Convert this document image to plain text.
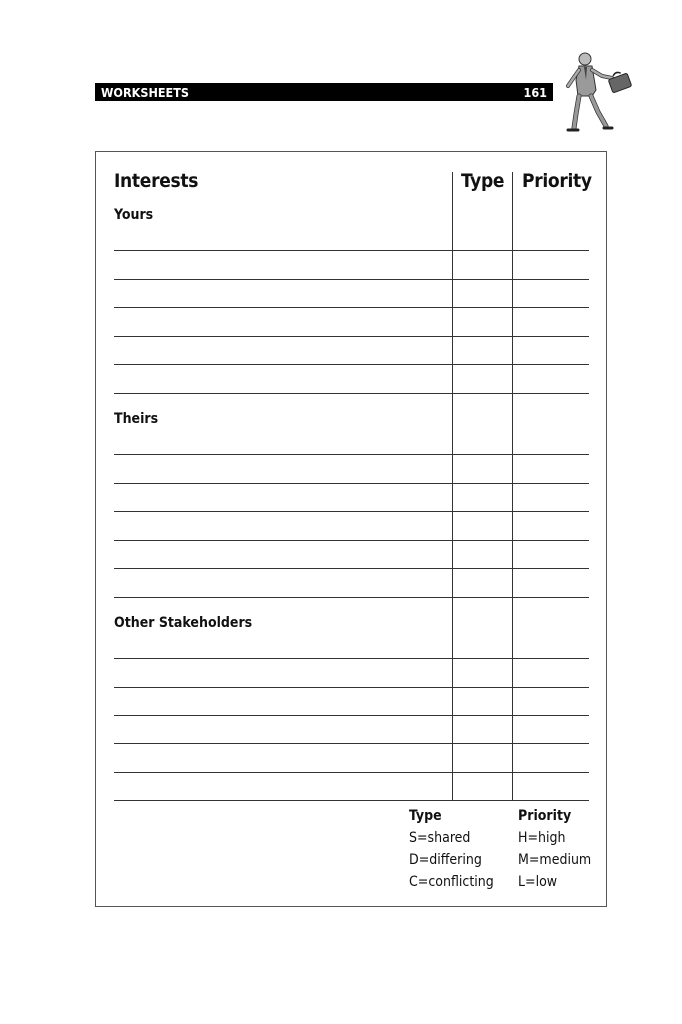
WORKSHEETS	161
Interests	Type Priority
Yours
Theirs
Other Stakeholders
Type
S=shared
D=differing
C=conflicting
Priority
H=high
M=medium
L=low
